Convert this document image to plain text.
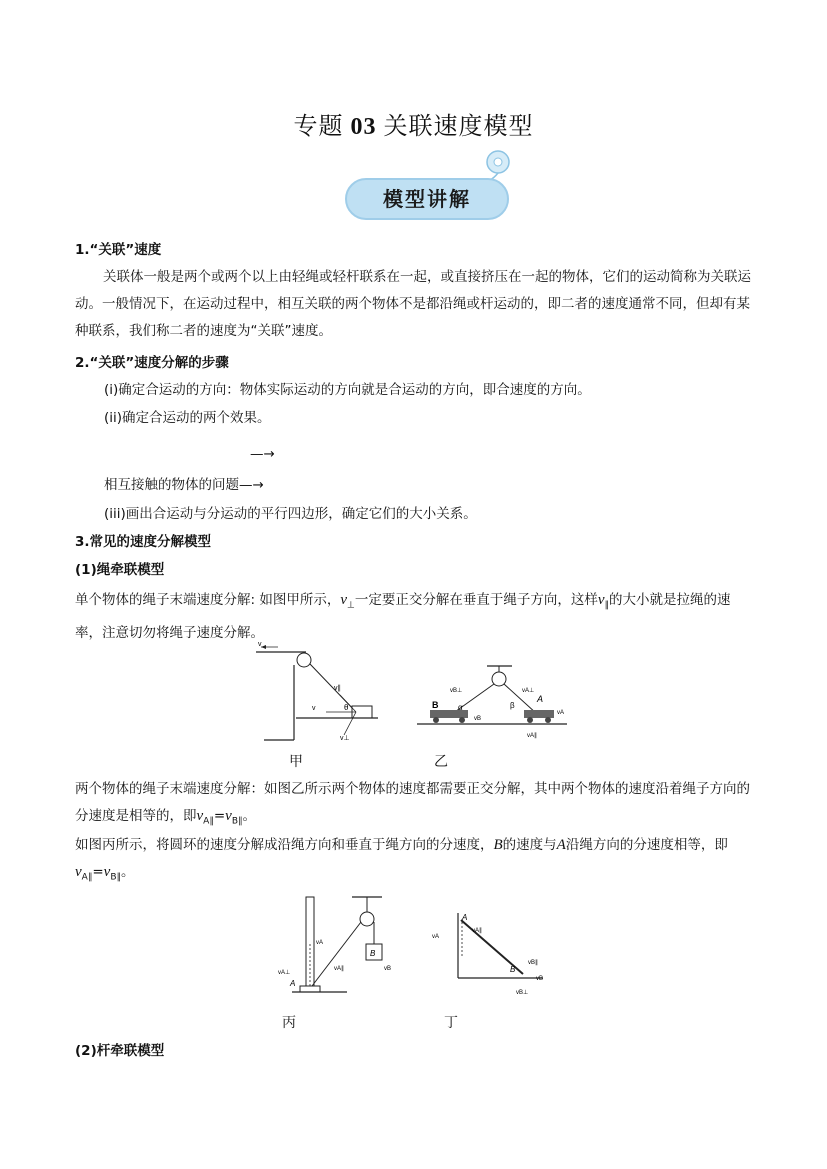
专题 03 关联速度模型
模型讲解
1.“关联”速度
关联体一般是两个或两个以上由轻绳或轻杆联系在一起，或直接挤压在一起的物体，它们的运动简称为关联运动。一般情况下，在运动过程中，相互关联的两个物体不是都沿绳或杆运动的，即二者的速度通常不同，但却有某种联系，我们称二者的速度为“关联”速度。
2.“关联”速度分解的步骤
(i)确定合运动的方向：物体实际运动的方向就是合运动的方向，即合速度的方向。
(ii)确定合运动的两个效果。
—→
相互接触的物体的问题—→
(iii)画出合运动与分运动的平行四边形，确定它们的大小关系。
3.常见的速度分解模型
(1)绳牵联模型
单个物体的绳子末端速度分解: 如图甲所示，$v_\perp$一定要正交分解在垂直于绳子方向，这样$v_\parallel$的大小就是拉绳的速率，注意切勿将绳子速度分解。
v
v∥
v	θ
v⊥
B
A
vB⊥
vB
vA⊥
vA
vA∥
β
α
甲	乙
两个物体的绳子末端速度分解：如图乙所示两个物体的速度都需要正交分解，其中两个物体的速度沿着绳子方向的分速度是相等的，即$v_{A\parallel}=v_{B\parallel}$。
如图丙所示，将圆环的速度分解成沿绳方向和垂直于绳方向的分速度，B的速度与A沿绳方向的分速度相等，即$v_{A\parallel}=v_{B\parallel}$。
B
A
vA
vA⊥
vA∥	vB
A
B
vA
vA∥
vB∥
vB
vB⊥
丙	丁
(2)杆牵联模型
